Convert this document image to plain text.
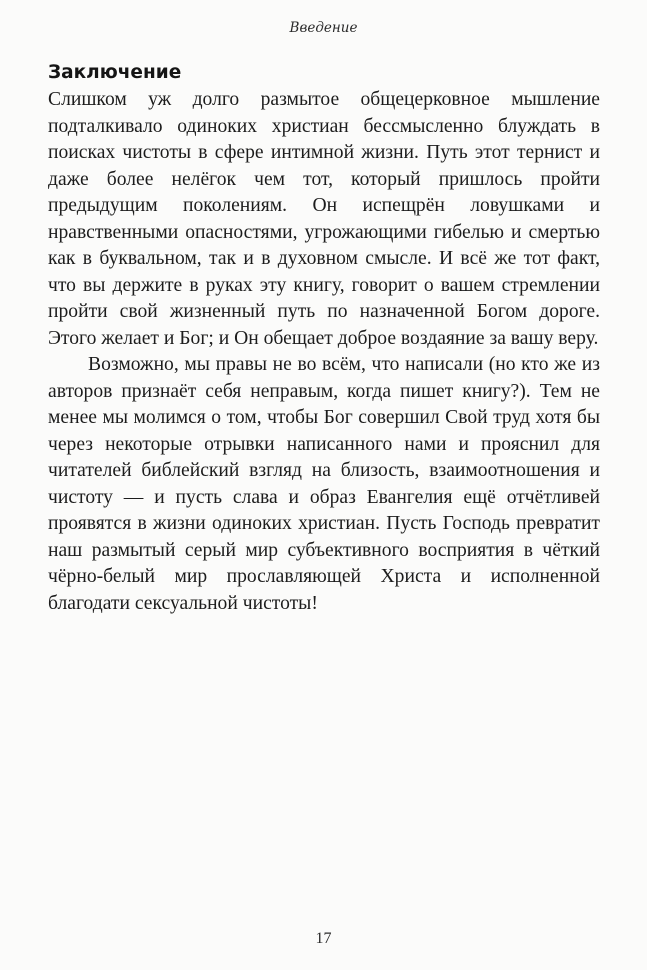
Введение
Заключение

Слишком уж долго размытое общецерковное мышление подталкивало одиноких христиан бессмысленно блуждать в поисках чистоты в сфере интимной жизни. Путь этот тернист и даже более нелёгок чем тот, который пришлось пройти предыдущим поколениям. Он испещрён ловушками и нравственными опасностями, угрожающими гибелью и смертью как в буквальном, так и в духовном смысле. И всё же тот факт, что вы держите в руках эту книгу, говорит о вашем стремлении пройти свой жизненный путь по назначенной Богом дороге. Этого желает и Бог; и Он обещает доброе воздаяние за вашу веру.

Возможно, мы правы не во всём, что написали (но кто же из авторов признаёт себя неправым, когда пишет книгу?). Тем не менее мы молимся о том, чтобы Бог совершил Свой труд хотя бы через некоторые отрывки написанного нами и прояснил для читателей библейский взгляд на близость, взаимоотношения и чистоту — и пусть слава и образ Евангелия ещё отчётливей проявятся в жизни одиноких христиан. Пусть Господь превратит наш размытый серый мир субъективного восприятия в чёткий чёрно-белый мир прославляющей Христа и исполненной благодати сексуальной чистоты!

17
